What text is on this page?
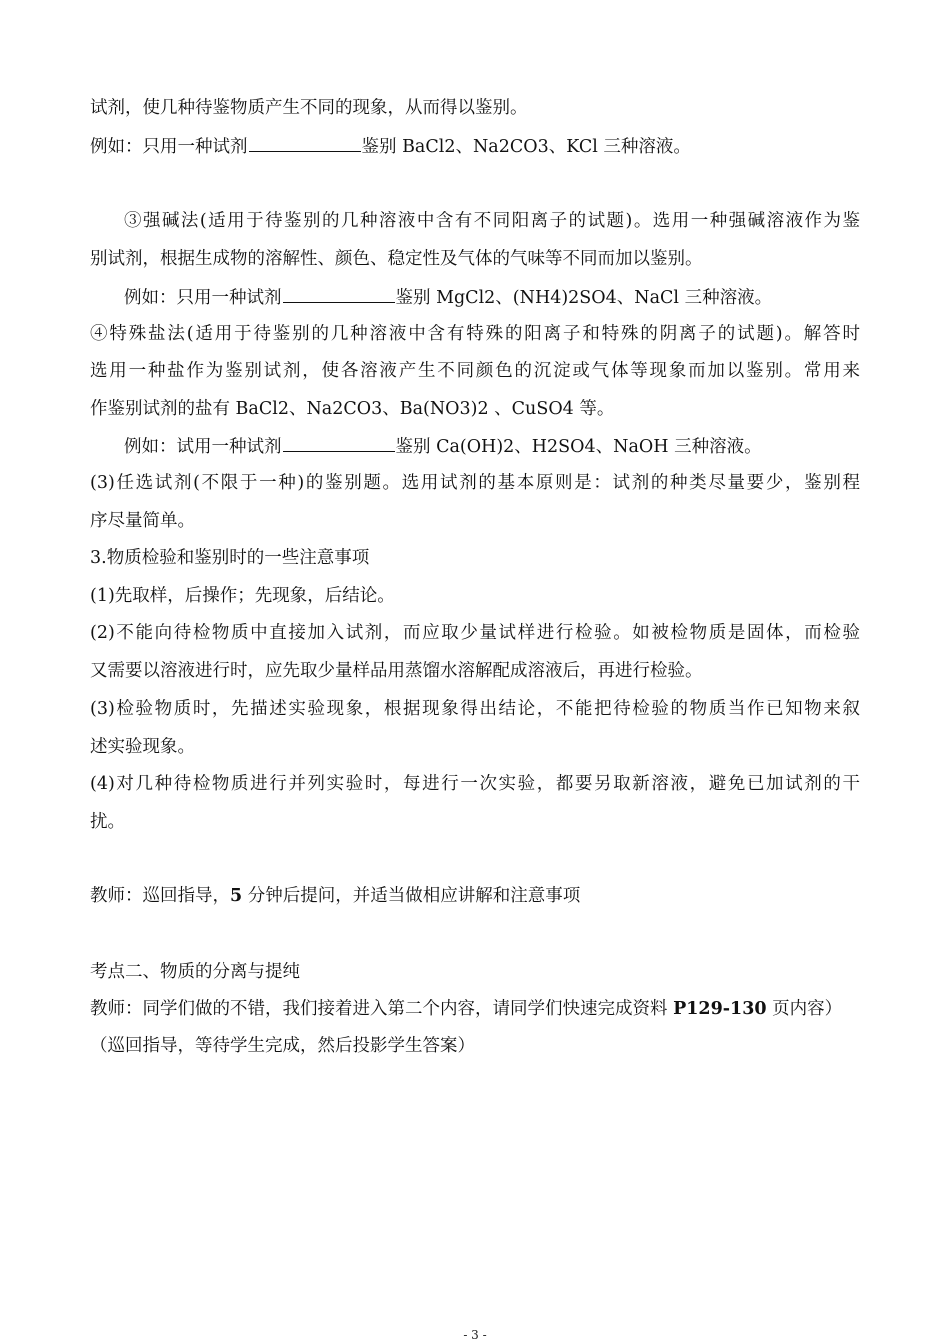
试剂，使几种待鉴物质产生不同的现象，从而得以鉴别。
例如：只用一种试剂	鉴别 BaCl2、Na2CO3、KCl 三种溶液。
③强碱法(适用于待鉴别的几种溶液中含有不同阳离子的试题)。选用一种强碱溶液作为鉴
别试剂，根据生成物的溶解性、颜色、稳定性及气体的气味等不同而加以鉴别。
例如：只用一种试剂	鉴别 MgCl2、(NH4)2SO4、NaCl 三种溶液。
④特殊盐法(适用于待鉴别的几种溶液中含有特殊的阳离子和特殊的阴离子的试题)。解答时
选用一种盐作为鉴别试剂，使各溶液产生不同颜色的沉淀或气体等现象而加以鉴别。常用来
作鉴别试剂的盐有 BaCl2、Na2CO3、Ba(NO3)2 、CuSO4 等。
例如：试用一种试剂	鉴别 Ca(OH)2、H2SO4、NaOH 三种溶液。
(3)任选试剂(不限于一种)的鉴别题。选用试剂的基本原则是：试剂的种类尽量要少，鉴别程
序尽量简单。
3.物质检验和鉴别时的一些注意事项
(1)先取样，后操作；先现象，后结论。
(2)不能向待检物质中直接加入试剂，而应取少量试样进行检验。如被检物质是固体，而检验
又需要以溶液进行时，应先取少量样品用蒸馏水溶解配成溶液后，再进行检验。
(3)检验物质时，先描述实验现象，根据现象得出结论，不能把待检验的物质当作已知物来叙
述实验现象。
(4)对几种待检物质进行并列实验时，每进行一次实验，都要另取新溶液，避免已加试剂的干
扰。
教师：巡回指导，5 分钟后提问，并适当做相应讲解和注意事项
考点二、物质的分离与提纯
教师：同学们做的不错，我们接着进入第二个内容，请同学们快速完成资料 P129-130 页内容）
（巡回指导，等待学生完成，然后投影学生答案）
- 3 -
